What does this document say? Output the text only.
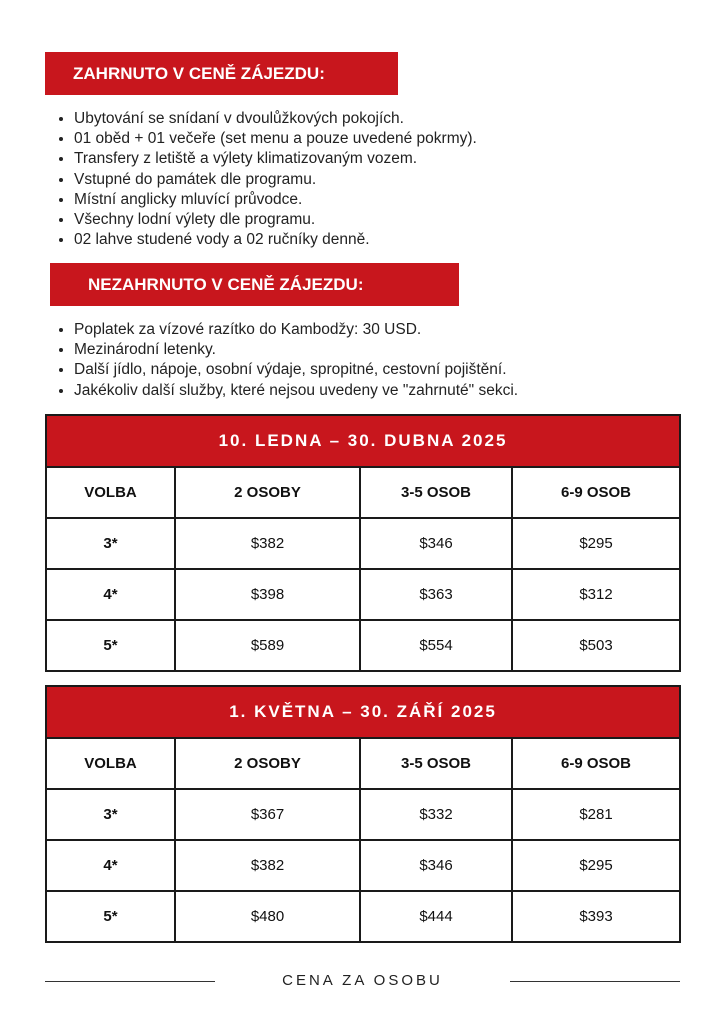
ZAHRNUTO V CENĚ ZÁJEZDU:
• Ubytování se snídaní v dvoulůžkových pokojích.
• 01 oběd + 01 večeře (set menu a pouze uvedené pokrmy).
• Transfery z letiště a výlety klimatizovaným vozem.
• Vstupné do památek dle programu.
• Místní anglicky mluvící průvodce.
• Všechny lodní výlety dle programu.
• 02 lahve studené vody a 02 ručníky denně.
NEZAHRNUTO V CENĚ ZÁJEZDU:
• Poplatek za vízové razítko do Kambodžy: 30 USD.
• Mezinárodní letenky.
• Další jídlo, nápoje, osobní výdaje, spropitné, cestovní pojištění.
• Jakékoliv další služby, které nejsou uvedeny ve "zahrnuté" sekci.
10. LEDNA – 30. DUBNA 2025			
VOLBA	2 OSOBY	3-5 OSOB	6-9 OSOB
3*	$382	$346	$295
4*	$398	$363	$312
5*	$589	$554	$503
1. KVĚTNA – 30. ZÁŘÍ 2025			
VOLBA	2 OSOBY	3-5 OSOB	6-9 OSOB
3*	$367	$332	$281
4*	$382	$346	$295
5*	$480	$444	$393
CENA ZA OSOBU
